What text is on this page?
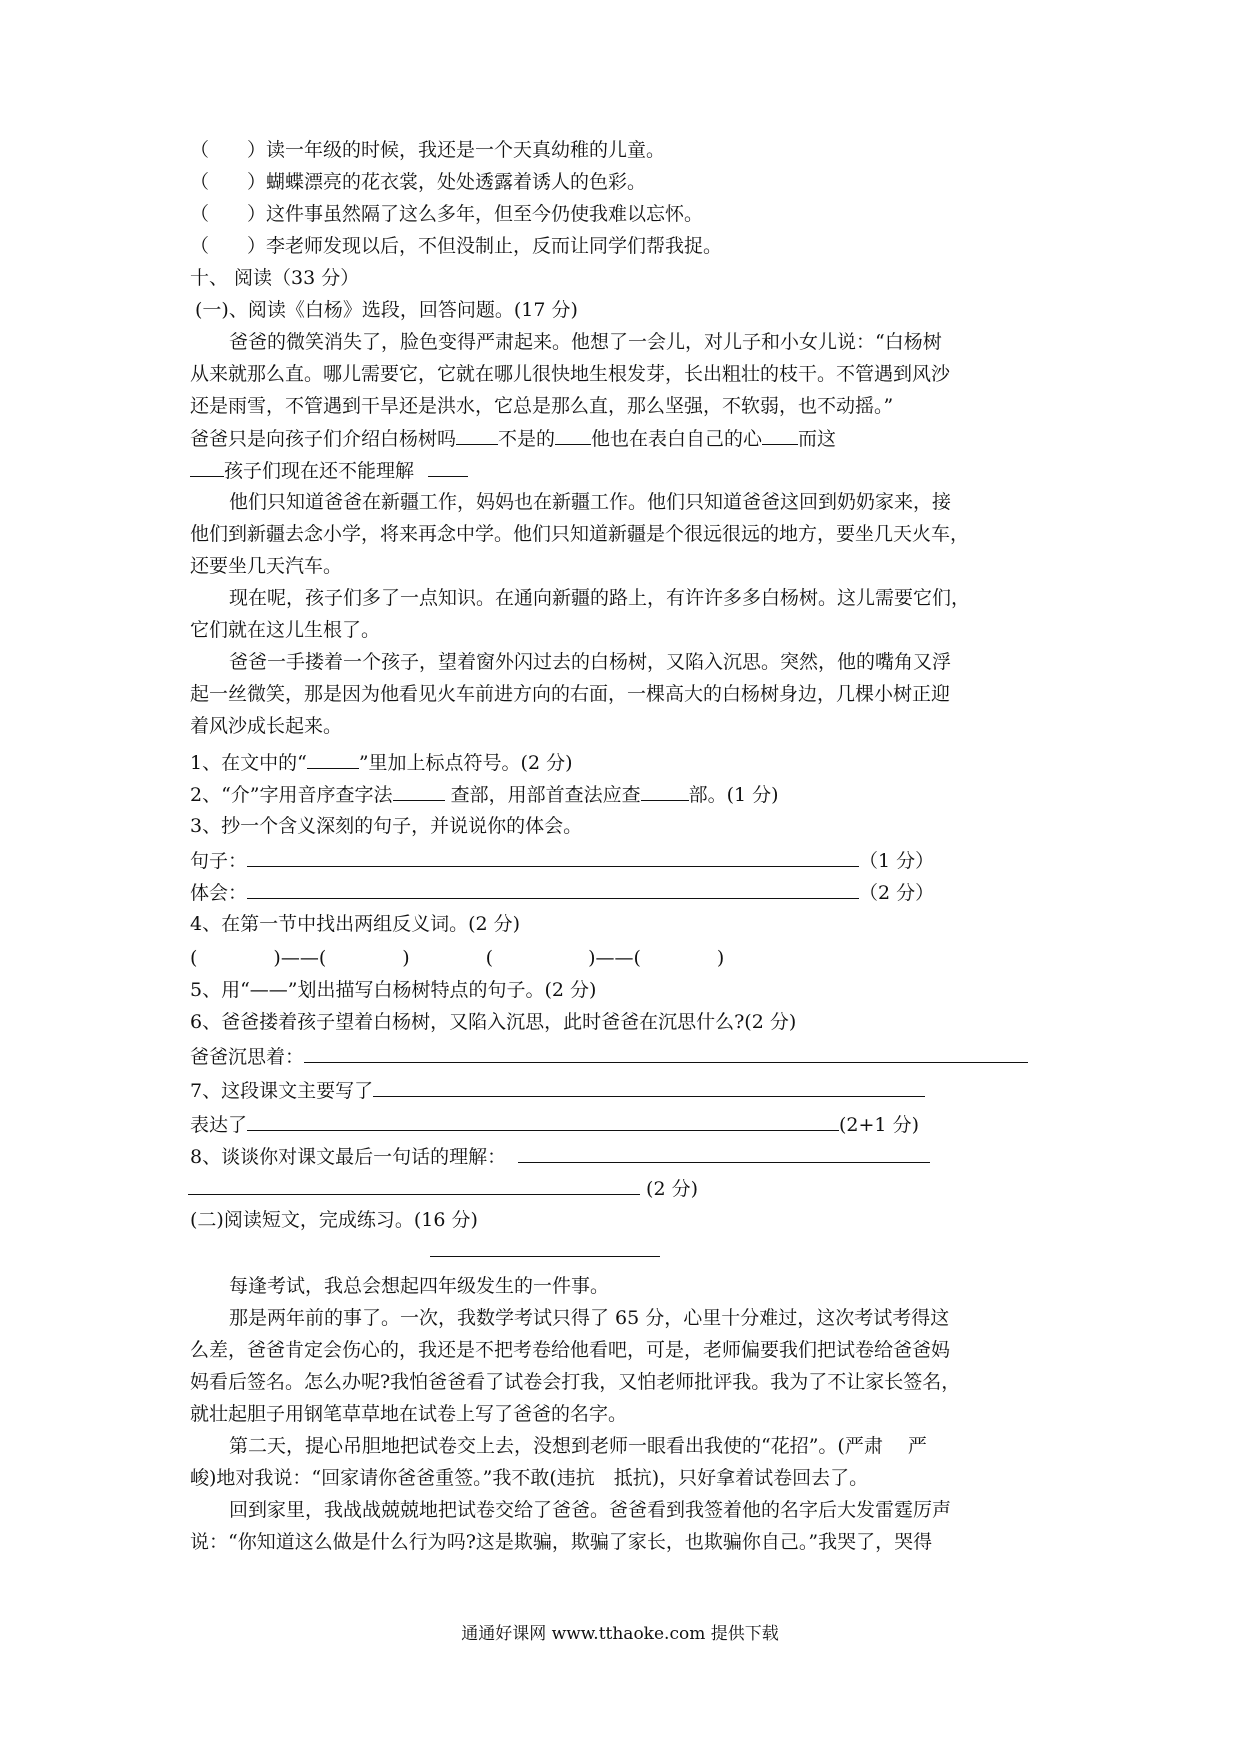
（　　）读一年级的时候，我还是一个天真幼稚的儿童。
（　　）蝴蝶漂亮的花衣裳，处处透露着诱人的色彩。
（　　）这件事虽然隔了这么多年，但至今仍使我难以忘怀。
（　　）李老师发现以后，不但没制止，反而让同学们帮我捉。
十、 阅读（33 分）
(一)、阅读《白杨》选段，回答问题。(17 分)
爸爸的微笑消失了，脸色变得严肃起来。他想了一会儿，对儿子和小女儿说：“白杨树
从来就那么直。哪儿需要它，它就在哪儿很快地生根发芽，长出粗壮的枝干。不管遇到风沙
还是雨雪，不管遇到干旱还是洪水，它总是那么直，那么坚强，不软弱，也不动摇。”
爸爸只是向孩子们介绍白杨树吗 不是的 他也在表白自己的心 而这
孩子们现在还不能理解
他们只知道爸爸在新疆工作，妈妈也在新疆工作。他们只知道爸爸这回到奶奶家来，接
他们到新疆去念小学，将来再念中学。他们只知道新疆是个很远很远的地方，要坐几天火车，
还要坐几天汽车。
现在呢，孩子们多了一点知识。在通向新疆的路上，有许许多多白杨树。这儿需要它们，
它们就在这儿生根了。
爸爸一手搂着一个孩子，望着窗外闪过去的白杨树，又陷入沉思。突然，他的嘴角又浮
起一丝微笑，那是因为他看见火车前进方向的右面，一棵高大的白杨树身边，几棵小树正迎
着风沙成长起来。
1、在文中的“	”里加上标点符号。(2 分)
2、“介”字用音序查字法	查部，用部首查法应查	部。(1 分)
3、抄一个含义深刻的句子，并说说你的体会。
句子：	（1 分）
体会：	（2 分）
4、在第一节中找出两组反义词。(2 分)
(　　　　)——(　　　　)　　　　(　　　　　)——(　　　　)
5、用“——”划出描写白杨树特点的句子。(2 分)
6、爸爸搂着孩子望着白杨树，又陷入沉思，此时爸爸在沉思什么?(2 分)
爸爸沉思着：
7、这段课文主要写了
表达了	(2+1 分)
8、谈谈你对课文最后一句话的理解：
(2 分)
(二)阅读短文，完成练习。(16 分)
每逢考试，我总会想起四年级发生的一件事。
那是两年前的事了。一次，我数学考试只得了 65 分，心里十分难过，这次考试考得这
么差，爸爸肯定会伤心的，我还是不把考卷给他看吧，可是，老师偏要我们把试卷给爸爸妈
妈看后签名。怎么办呢?我怕爸爸看了试卷会打我，又怕老师批评我。我为了不让家长签名，
就壮起胆子用钢笔草草地在试卷上写了爸爸的名字。
第二天，提心吊胆地把试卷交上去，没想到老师一眼看出我使的“花招”。(严肃　 严
峻)地对我说：“回家请你爸爸重签。”我不敢(违抗　抵抗)，只好拿着试卷回去了。
回到家里，我战战兢兢地把试卷交给了爸爸。爸爸看到我签着他的名字后大发雷霆厉声
说：“你知道这么做是什么行为吗?这是欺骗，欺骗了家长，也欺骗你自己。”我哭了，哭得
通通好课网 www.tthaoke.com 提供下载
